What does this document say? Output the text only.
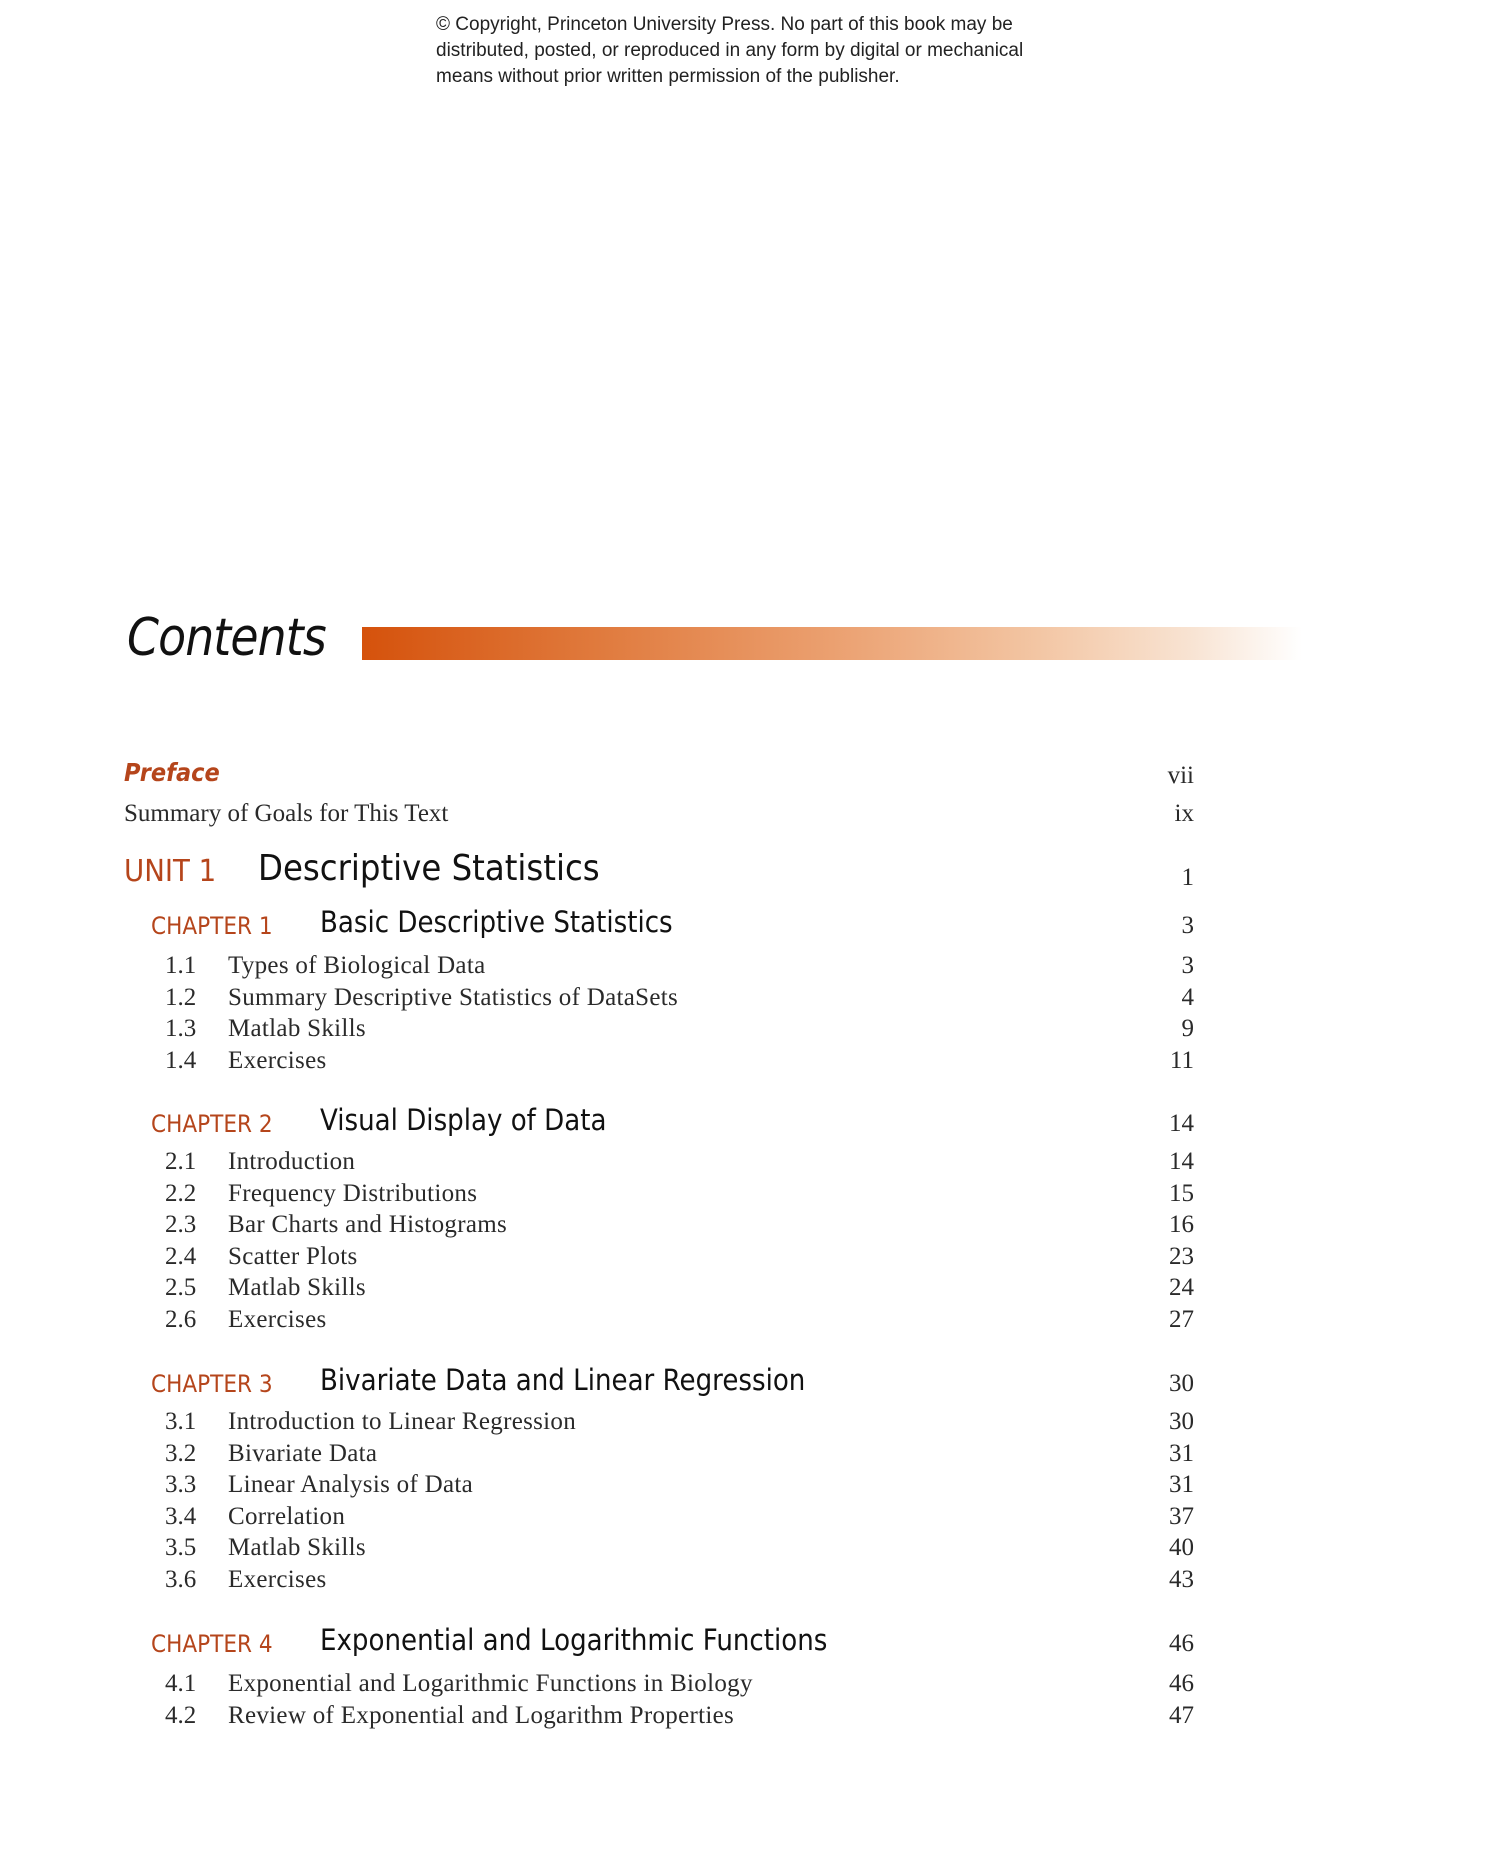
© Copyright, Princeton University Press. No part of this book may be
distributed, posted, or reproduced in any form by digital or mechanical
means without prior written permission of the publisher.
Contents
Preface	vii
Summary of Goals for This Text	ix
UNIT 1 Descriptive Statistics	1
CHAPTER 1 Basic Descriptive Statistics	3
1.1 Types of Biological Data	3
1.2 Summary Descriptive Statistics of DataSets	4
1.3 Matlab Skills	9
1.4 Exercises	11
CHAPTER 2 Visual Display of Data	14
2.1 Introduction	14
2.2 Frequency Distributions	15
2.3 Bar Charts and Histograms	16
2.4 Scatter Plots	23
2.5 Matlab Skills	24
2.6 Exercises	27
CHAPTER 3 Bivariate Data and Linear Regression	30
3.1 Introduction to Linear Regression	30
3.2 Bivariate Data	31
3.3 Linear Analysis of Data	31
3.4 Correlation	37
3.5 Matlab Skills	40
3.6 Exercises	43
CHAPTER 4 Exponential and Logarithmic Functions	46
4.1 Exponential and Logarithmic Functions in Biology	46
4.2 Review of Exponential and Logarithm Properties	47
